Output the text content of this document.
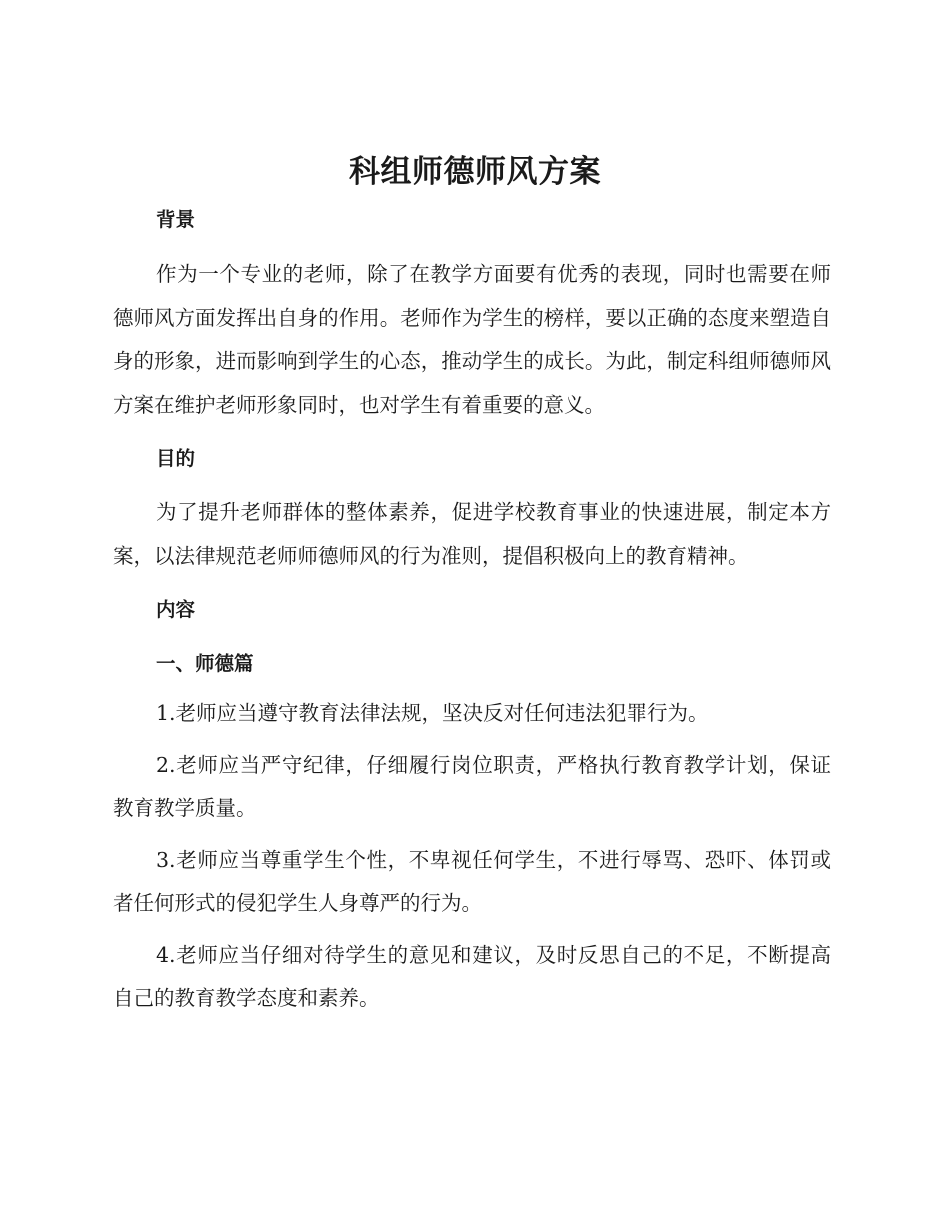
科组师德师风方案

背景

作为一个专业的老师，除了在教学方面要有优秀的表现，同时也需要在师德师风方面发挥出自身的作用。老师作为学生的榜样，要以正确的态度来塑造自身的形象，进而影响到学生的心态，推动学生的成长。为此，制定科组师德师风方案在维护老师形象同时，也对学生有着重要的意义。

目的

为了提升老师群体的整体素养，促进学校教育事业的快速进展，制定本方案，以法律规范老师师德师风的行为准则，提倡积极向上的教育精神。

内容

一、师德篇

1.老师应当遵守教育法律法规，坚决反对任何违法犯罪行为。

2.老师应当严守纪律，仔细履行岗位职责，严格执行教育教学计划，保证教育教学质量。

3.老师应当尊重学生个性，不卑视任何学生，不进行辱骂、恐吓、体罚或者任何形式的侵犯学生人身尊严的行为。

4.老师应当仔细对待学生的意见和建议，及时反思自己的不足，不断提高自己的教育教学态度和素养。
